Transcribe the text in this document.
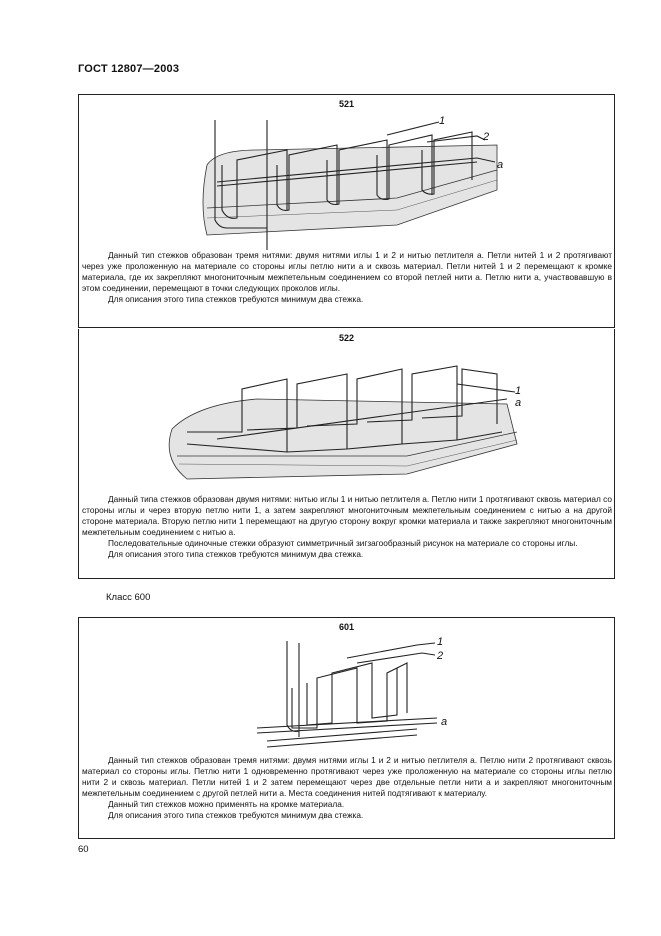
ГОСТ 12807—2003
521
1
2
a

Данный тип стежков образован тремя нитями: двумя нитями иглы 1 и 2 и нитью петлителя a. Петли нитей 1 и 2 протягивают через уже проложенную на материале со стороны иглы петлю нити a и сквозь материал. Петли нитей 1 и 2 перемещают к кромке материала, где их закрепляют многониточным межпетельным соединением со второй петлей нити a. Петлю нити a, участвовавшую в этом соединении, перемещают в точки следующих проколов иглы.

Для описания этого типа стежков требуются минимум два стежка.

522
1
a

Данный типа стежков образован двумя нитями: нитью иглы 1 и нитью петлителя a. Петлю нити 1 протягивают сквозь материал со стороны иглы и через вторую петлю нити 1, а затем закрепляют многониточным межпетельным соединением с нитью a на другой стороне материала. Вторую петлю нити 1 перемещают на другую сторону вокруг кромки материала и также закрепляют многониточным межпетельным соединением с нитью a.

Последовательные одиночные стежки образуют симметричный зигзагообразный рисунок на материале со стороны иглы.

Для описания этого типа стежков требуются минимум два стежка.

Класс 600
601
1
2
a

Данный тип стежков образован тремя нитями: двумя нитями иглы 1 и 2 и нитью петлителя a. Петлю нити 2 протягивают сквозь материал со стороны иглы. Петлю нити 1 одновременно протягивают через уже проложенную на материале со стороны иглы петлю нити 2 и сквозь материал. Петли нитей 1 и 2 затем перемещают через две отдельные петли нити a и закрепляют многониточным межпетельным соединением с другой петлей нити a. Места соединения нитей подтягивают к материалу.

Данный тип стежков можно применять на кромке материала.

Для описания этого типа стежков требуются минимум два стежка.

60
